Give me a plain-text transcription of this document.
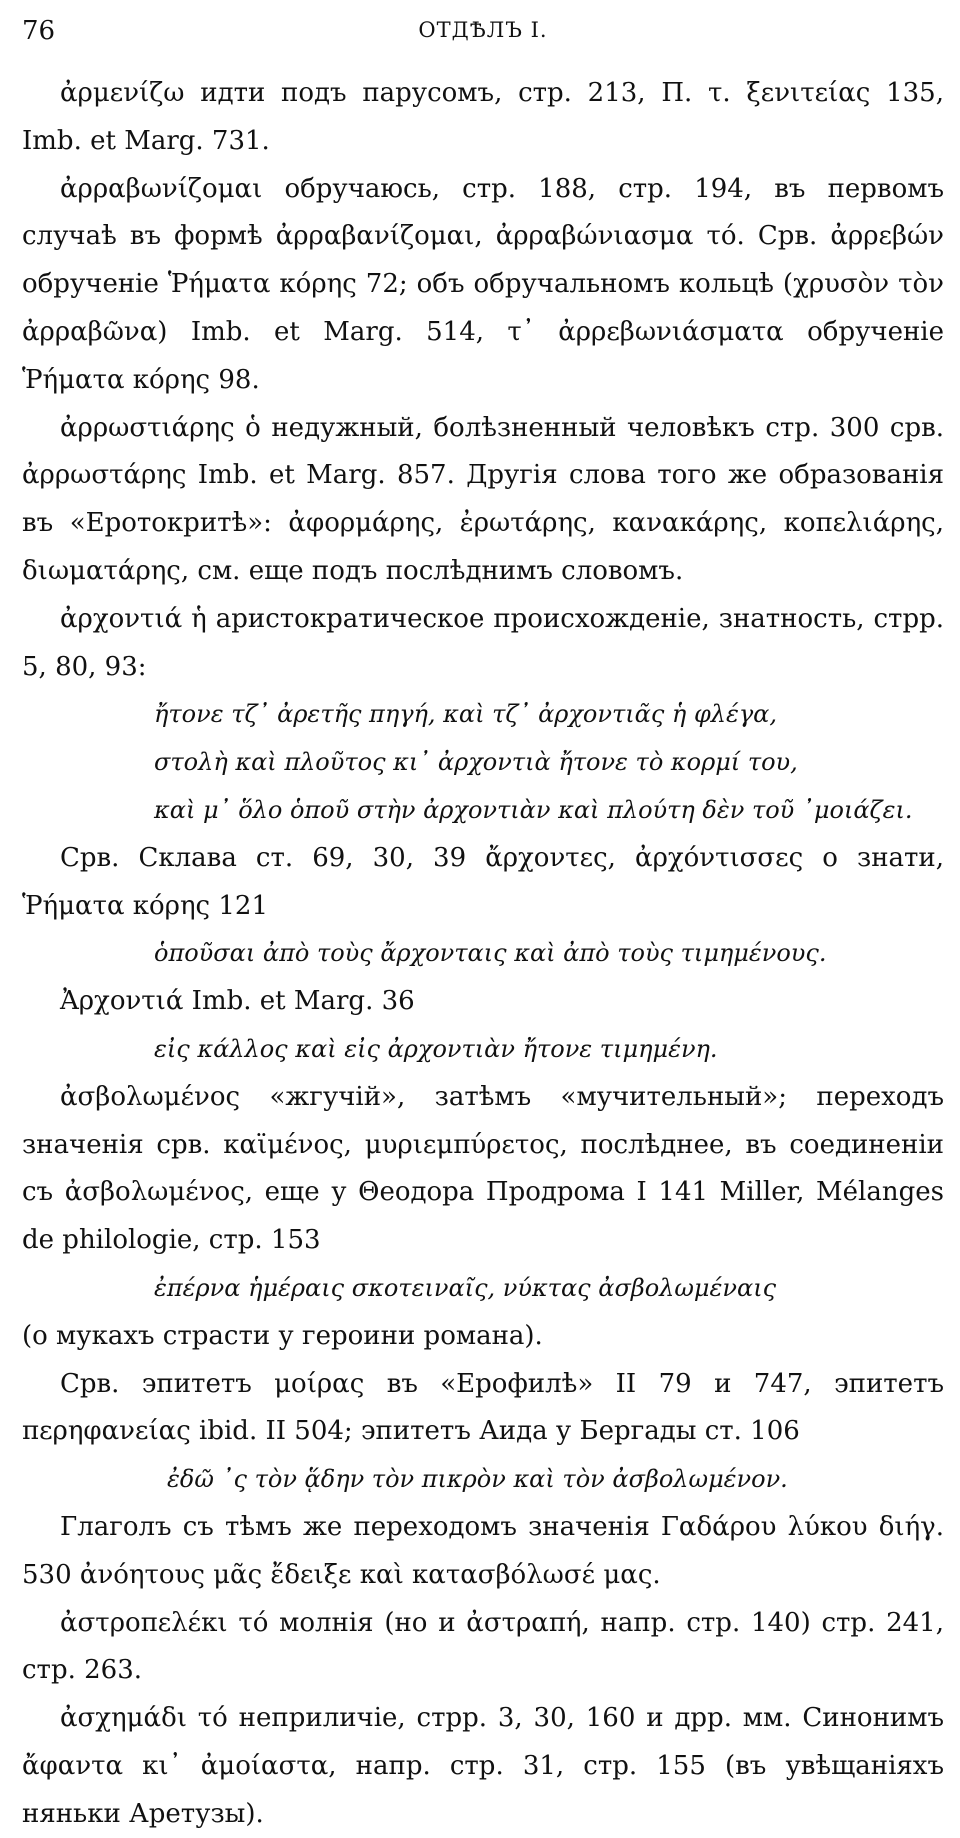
76	ОТДѢЛЪ I.

ἀρμενίζω идти подъ парусомъ, стр. 213, П. τ. ξενιτείας 135, Imb. et Marg. 731.

ἀρραβωνίζομαι обручаюсь, стр. 188, стр. 194, въ первомъ случаѣ въ формѣ ἀρραβανίζομαι, ἀρραβώνιασμα τό. Срв. ἀρρεβών обрученіе Ῥήματα κόρης 72; объ обручальномъ кольцѣ (χρυσὸν τὸν ἀρραβῶνα) Imb. et Marg. 514, τ᾿ ἀρρεβωνιάσματα обрученіе Ῥήματα κόρης 98.

ἀρρωστιάρης ὁ недужный, болѣзненный человѣкъ стр. 300 срв. ἀρρωστάρης Imb. et Marg. 857. Другія слова того же образованія въ «Еротокритѣ»: ἀφορμάρης, ἐρωτάρης, κανακάρης, κοπελιάρης, διωματάρης, см. еще подъ послѣднимъ словомъ.

ἀρχοντιά ἡ аристократическое происхожденіе, знатность, стрр. 5, 80, 93:

ἤτονε τζ᾿ ἀρετῆς πηγή, καὶ τζ᾿ ἀρχοντιᾶς ἡ φλέγα,

στολὴ καὶ πλοῦτος κι᾿ ἀρχοντιὰ ἤτονε τὸ κορμί του,

καὶ μ᾿ ὅλο ὁποῦ στὴν ἀρχοντιὰν καὶ πλούτη δὲν τοῦ ᾿μοιάζει.

Срв. Склава ст. 69, 30, 39 ἄρχοντες, ἀρχόντισσες о знати, Ῥήματα κόρης 121

ὁποῦσαι ἀπὸ τοὺς ἄρχονταις καὶ ἀπὸ τοὺς τιμημένους.

Ἀρχοντιά Imb. et Marg. 36

εἰς κάλλος καὶ εἰς ἀρχοντιὰν ἤτονε τιμημένη.

ἀσβολωμένος «жгучій», затѣмъ «мучительный»; переходъ значенія срв. καϊμένος, μυριεμπύρετος, послѣднее, въ соединеніи съ ἀσβολωμένος, еще у Θеодора Продрома I 141 Miller, Mélanges de philologie, стр. 153

ἐπέρνα ἡμέραις σκοτειναῖς, νύκτας ἀσβολωμέναις

(о мукахъ страсти у героини романа).

Срв. эпитетъ μοίρας въ «Ерофилѣ» II 79 и 747, эпитетъ περηφανείας ibid. II 504; эпитетъ Аида у Бергады ст. 106

ἐδῶ ᾿ς τὸν ᾅδην τὸν πικρὸν καὶ τὸν ἀσβολωμένον.

Глаголъ съ тѣмъ же переходомъ значенія Γαδάρου λύκου διήγ. 530 ἀνόητους μᾶς ἔδειξε καὶ κατασβόλωσέ μας.

ἀστροπελέκι τό молнія (но и ἀστραπή, напр. стр. 140) стр. 241, стр. 263.

ἀσχημάδι τό неприличіе, стрр. 3, 30, 160 и дрр. мм. Синонимъ ἄφαντα κι᾿ ἀμοίαστα, напр. стр. 31, стр. 155 (въ увѣщаніяхъ няньки Аретузы).
